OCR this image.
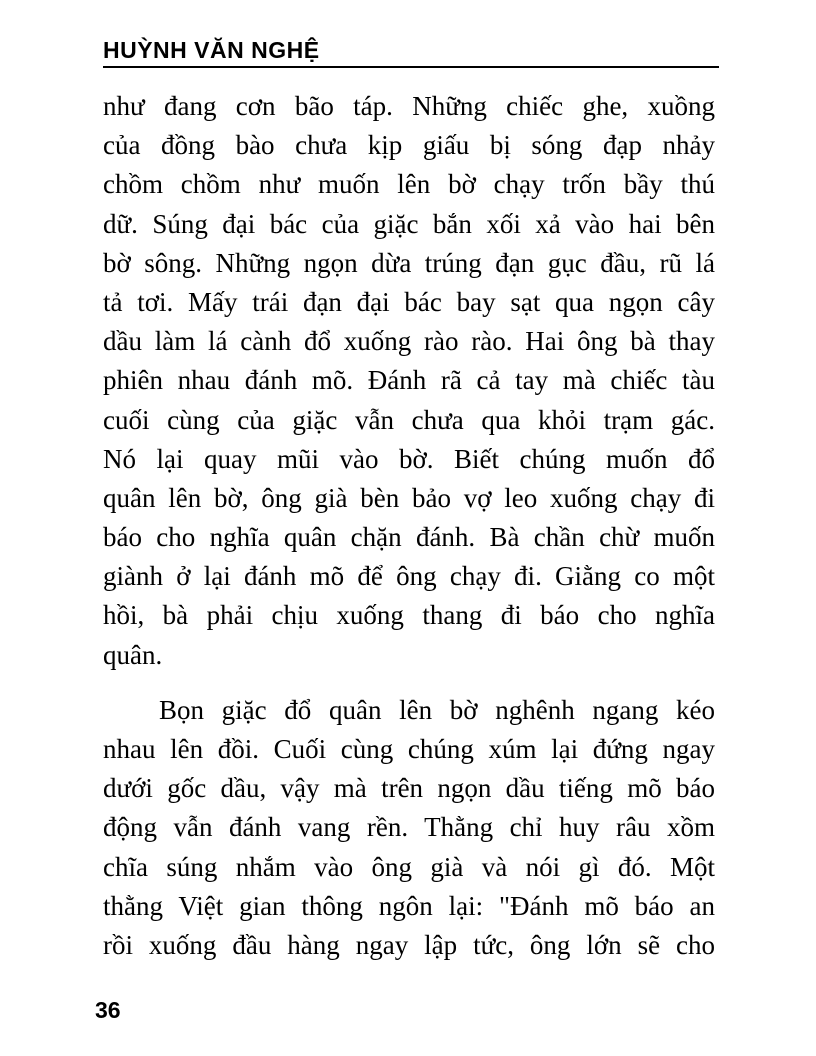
HUỲNH VĂN NGHỆ
như đang cơn bão táp. Những chiếc ghe, xuồng
của đồng bào chưa kịp giấu bị sóng đạp nhảy
chồm chồm như muốn lên bờ chạy trốn bầy thú
dữ. Súng đại bác của giặc bắn xối xả vào hai bên
bờ sông. Những ngọn dừa trúng đạn gục đầu, rũ lá
tả tơi. Mấy trái đạn đại bác bay sạt qua ngọn cây
dầu làm lá cành đổ xuống rào rào. Hai ông bà thay
phiên nhau đánh mõ. Đánh rã cả tay mà chiếc tàu
cuối cùng của giặc vẫn chưa qua khỏi trạm gác.
Nó lại quay mũi vào bờ. Biết chúng muốn đổ
quân lên bờ, ông già bèn bảo vợ leo xuống chạy đi
báo cho nghĩa quân chặn đánh. Bà chần chừ muốn
giành ở lại đánh mõ để ông chạy đi. Giằng co một
hồi, bà phải chịu xuống thang đi báo cho nghĩa
quân.
Bọn giặc đổ quân lên bờ nghênh ngang kéo
nhau lên đồi. Cuối cùng chúng xúm lại đứng ngay
dưới gốc dầu, vậy mà trên ngọn dầu tiếng mõ báo
động vẫn đánh vang rền. Thằng chỉ huy râu xồm
chĩa súng nhắm vào ông già và nói gì đó. Một
thằng Việt gian thông ngôn lại: "Đánh mõ báo an
rồi xuống đầu hàng ngay lập tức, ông lớn sẽ cho
36
